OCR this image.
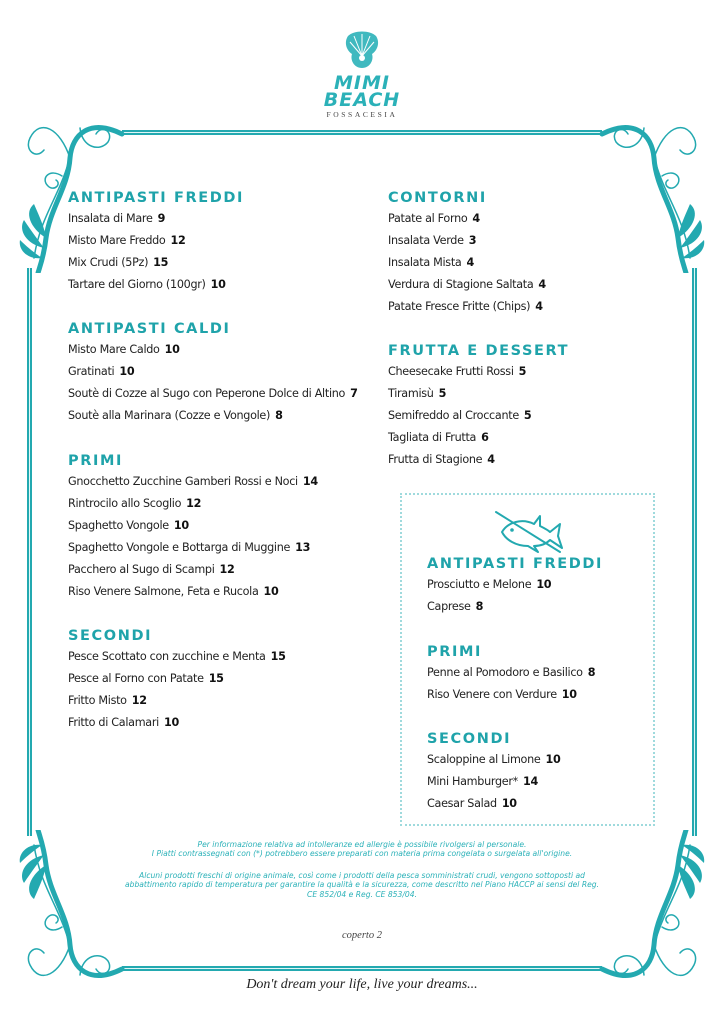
MIMI
BEACH
FOSSACESIA
ANTIPASTI FREDDI
Insalata di Mare 9
Misto Mare Freddo 12
Mix Crudi (5Pz) 15
Tartare del Giorno (100gr) 10
ANTIPASTI CALDI
Misto Mare Caldo 10
Gratinati 10
Soutè di Cozze al Sugo con Peperone Dolce di Altino 7
Soutè alla Marinara (Cozze e Vongole) 8
PRIMI
Gnocchetto Zucchine Gamberi Rossi e Noci 14
Rintrocilo allo Scoglio 12
Spaghetto Vongole 10
Spaghetto Vongole e Bottarga di Muggine 13
Pacchero al Sugo di Scampi 12
Riso Venere Salmone, Feta e Rucola 10
SECONDI
Pesce Scottato con zucchine e Menta 15
Pesce al Forno con Patate 15
Fritto Misto 12
Fritto di Calamari 10
CONTORNI
Patate al Forno 4
Insalata Verde 3
Insalata Mista 4
Verdura di Stagione Saltata 4
Patate Fresce Fritte (Chips) 4
FRUTTA E DESSERT
Cheesecake Frutti Rossi 5
Tiramisù 5
Semifreddo al Croccante 5
Tagliata di Frutta 6
Frutta di Stagione 4
ANTIPASTI FREDDI
Prosciutto e Melone 10
Caprese 8
PRIMI
Penne al Pomodoro e Basilico 8
Riso Venere con Verdure 10
SECONDI
Scaloppine al Limone 10
Mini Hamburger* 14
Caesar Salad 10
Per informazione relativa ad intolleranze ed allergie è possibile rivolgersi al personale.
I Piatti contrassegnati con (*) potrebbero essere preparati con materia prima congelata o surgelata all'origine.
Alcuni prodotti freschi di origine animale, così come i prodotti della pesca somministrati crudi, vengono sottoposti ad
abbattimento rapido di temperatura per garantire la qualità e la sicurezza, come descritto nel Piano HACCP ai sensi del Reg.
CE 852/04 e Reg. CE 853/04.
coperto 2
Don't dream your life, live your dreams...
